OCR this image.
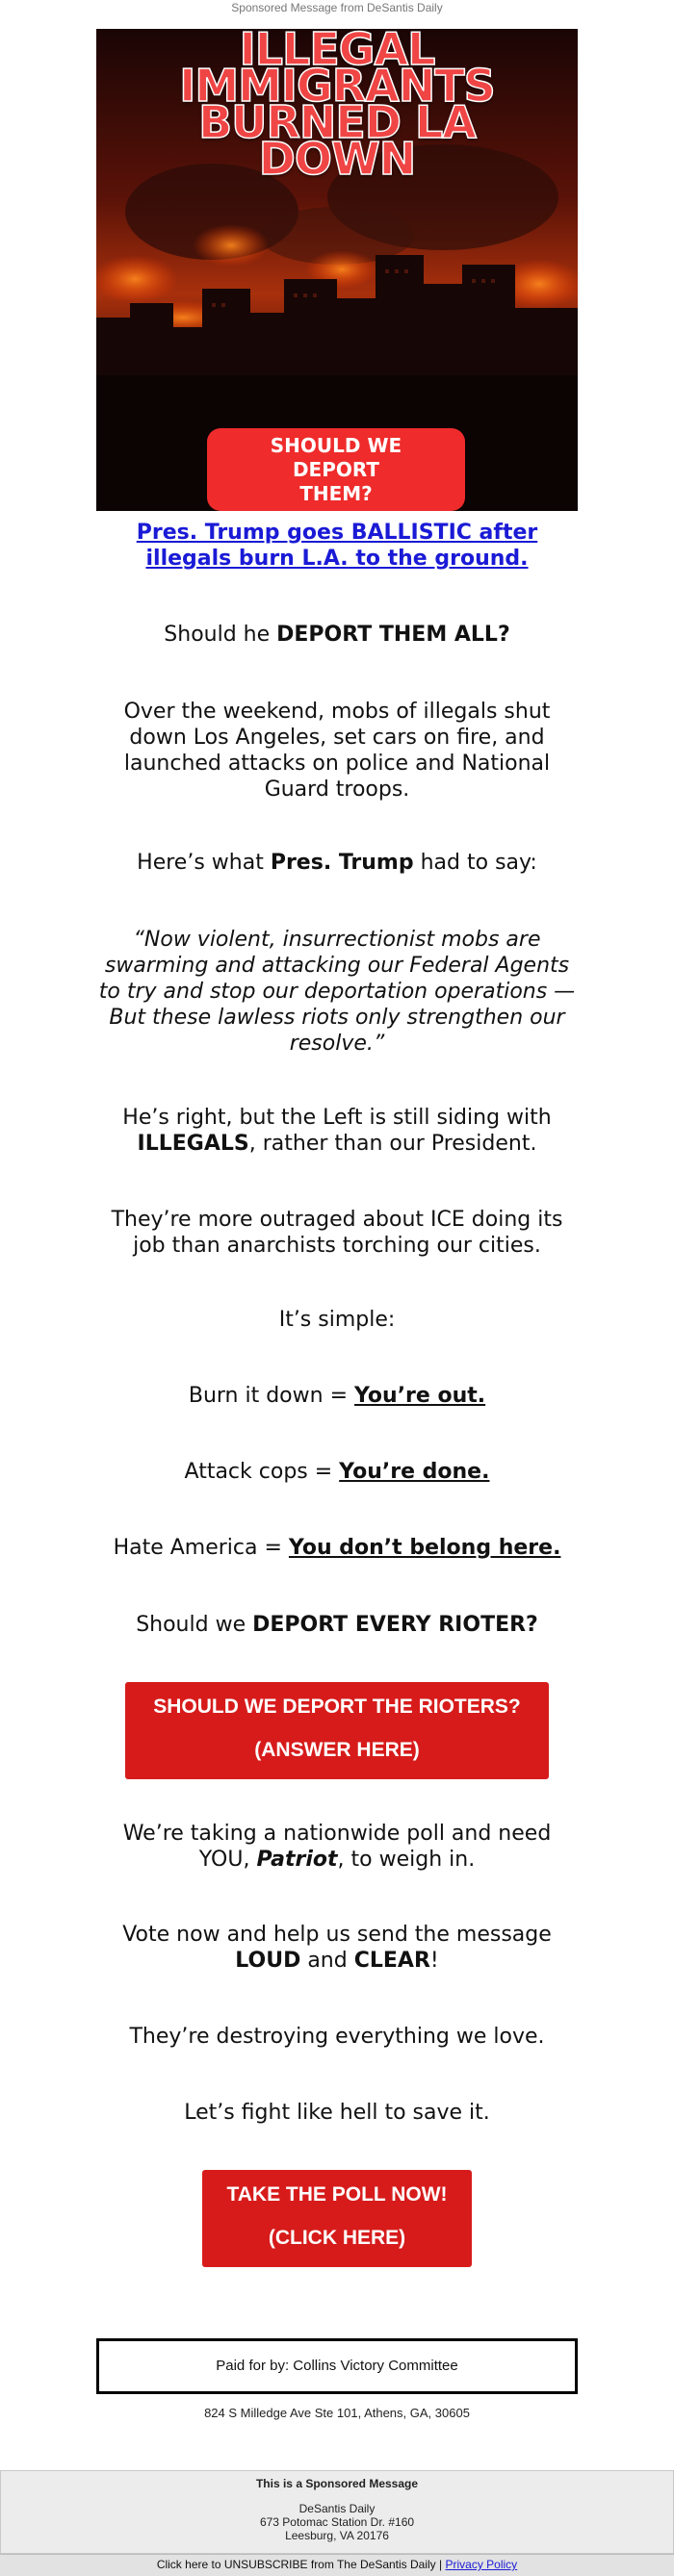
Sponsored Message from DeSantis Daily
ILLEGAL
IMMIGRANTS
BURNED LA
DOWN
SHOULD WE
DEPORT
THEM?
Pres. Trump goes BALLISTIC after illegals burn L.A. to the ground.
Should he DEPORT THEM ALL?
Over the weekend, mobs of illegals shut down Los Angeles, set cars on fire, and launched attacks on police and National Guard troops.
Here’s what Pres. Trump had to say:
“Now violent, insurrectionist mobs are swarming and attacking our Federal Agents to try and stop our deportation operations — But these lawless riots only strengthen our resolve.”
He’s right, but the Left is still siding with ILLEGALS, rather than our President.
They’re more outraged about ICE doing its job than anarchists torching our cities.
It’s simple:
Burn it down = You’re out.
Attack cops = You’re done.
Hate America = You don’t belong here.
Should we DEPORT EVERY RIOTER?
SHOULD WE DEPORT THE RIOTERS?
(ANSWER HERE)
We’re taking a nationwide poll and need YOU, Patriot, to weigh in.
Vote now and help us send the message LOUD and CLEAR!
They’re destroying everything we love.
Let’s fight like hell to save it.
TAKE THE POLL NOW!
(CLICK HERE)
Paid for by: Collins Victory Committee
824 S Milledge Ave Ste 101, Athens, GA, 30605
This is a Sponsored Message
DeSantis Daily
673 Potomac Station Dr. #160
Leesburg, VA 20176
Click here to UNSUBSCRIBE from The DeSantis Daily | Privacy Policy
